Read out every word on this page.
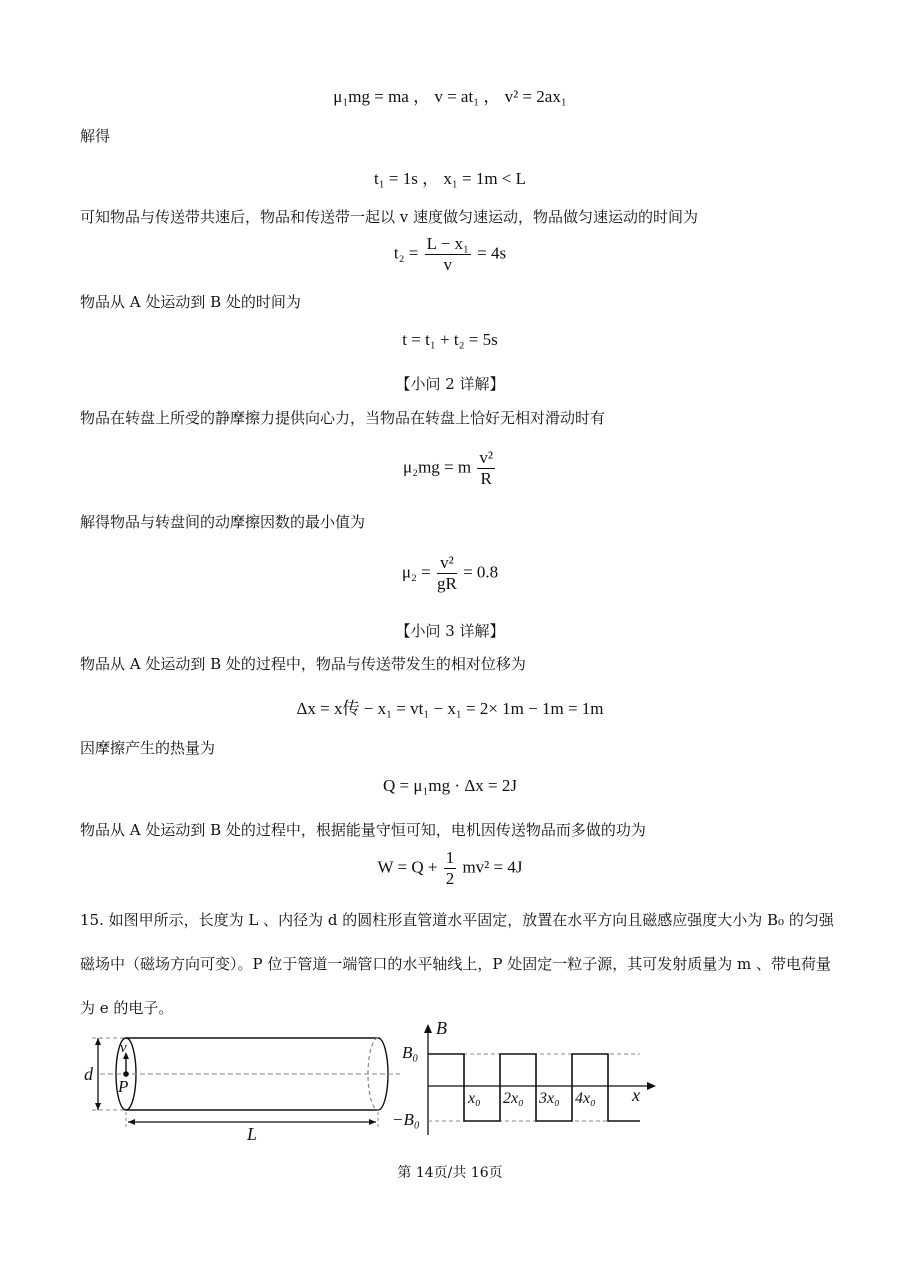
μ₁mg = ma ， v = at₁ ， v² = 2ax₁
解得
t₁ = 1s ， x₁ = 1m < L
可知物品与传送带共速后，物品和传送带一起以 v 速度做匀速运动，物品做匀速运动的时间为
$t_2 = \frac{\text{L − x₁}}{v} = 4s$
物品从 A 处运动到 B 处的时间为
t = t₁ + t₂ = 5s
【小问 2 详解】
物品在转盘上所受的静摩擦力提供向心力，当物品在转盘上恰好无相对滑动时有
μ₂mg = m $\frac{\text{v²}}{R}$
解得物品与转盘间的动摩擦因数的最小值为
$\mu_2 = \frac{\text{v²}}{gR} = 0.8$
【小问 3 详解】
物品从 A 处运动到 B 处的过程中，物品与传送带发生的相对位移为
Δx = x传 − x₁ = vt₁ − x₁ = 2× 1m − 1m = 1m
因摩擦产生的热量为
Q = μ₁mg · Δx = 2J
物品从 A 处运动到 B 处的过程中，根据能量守恒可知，电机因传送物品而多做的功为
$W = Q + \frac{1}{2} mv^2 = 4J$
15. 如图甲所示，长度为 L 、内径为 d 的圆柱形直管道水平固定，放置在水平方向且磁感应强度大小为 B₀ 的匀强磁场中（磁场方向可变）。P 位于管道一端管口的水平轴线上，P 处固定一粒子源，其可发射质量为 m 、带电荷量为 e 的电子。
d
v
P
L
B
x
B₀
−B₀
x₀ 2x₀ 3x₀ 4x₀
第 14页/共 16页
